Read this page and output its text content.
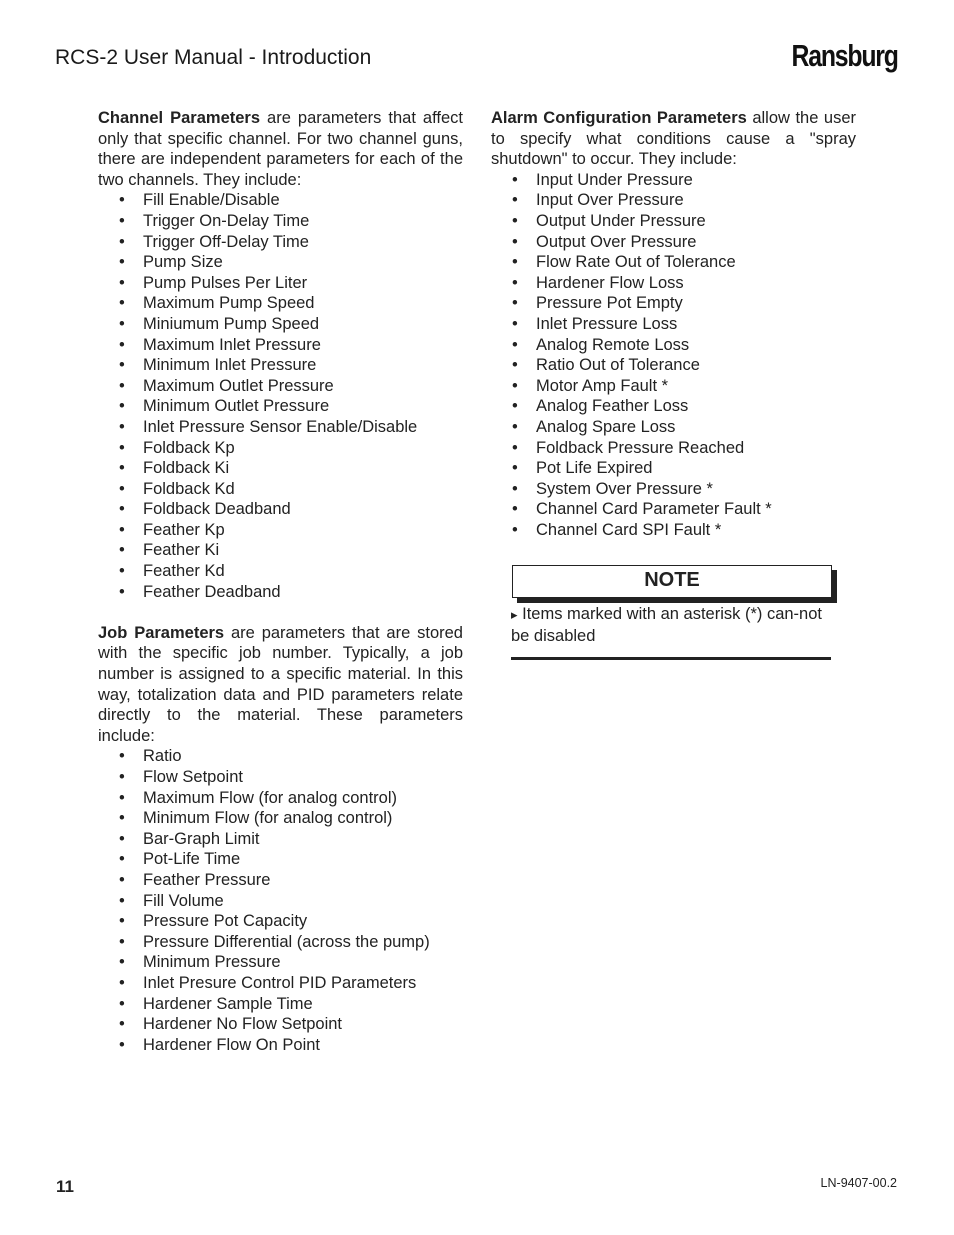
RCS-2 User Manual - Introduction	Ransburg

Channel Parameters are parameters that affect only that specific channel. For two channel guns, there are independent parameters for each of the two channels. They include:

• Fill Enable/Disable
• Trigger On-Delay Time
• Trigger Off-Delay Time
• Pump Size
• Pump Pulses Per Liter
• Maximum Pump Speed
• Miniumum Pump Speed
• Maximum Inlet Pressure
• Minimum Inlet Pressure
• Maximum Outlet Pressure
• Minimum Outlet Pressure
• Inlet Pressure Sensor Enable/Disable
• Foldback Kp
• Foldback Ki
• Foldback Kd
• Foldback Deadband
• Feather Kp
• Feather Ki
• Feather Kd
• Feather Deadband

Job Parameters are parameters that are stored with the specific job number. Typically, a job number is assigned to a specific material. In this way, totalization data and PID parameters relate directly to the material. These parameters include:

• Ratio
• Flow Setpoint
• Maximum Flow (for analog control)
• Minimum Flow (for analog control)
• Bar-Graph Limit
• Pot-Life Time
• Feather Pressure
• Fill Volume
• Pressure Pot Capacity
• Pressure Differential (across the pump)
• Minimum Pressure
• Inlet Presure Control PID Parameters
• Hardener Sample Time
• Hardener No Flow Setpoint
• Hardener Flow On Point

Alarm Configuration Parameters allow the user to specify what conditions cause a "spray shutdown" to occur. They include:

• Input Under Pressure
• Input Over Pressure
• Output Under Pressure
• Output Over Pressure
• Flow Rate Out of Tolerance
• Hardener Flow Loss
• Pressure Pot Empty
• Inlet Pressure Loss
• Analog Remote Loss
• Ratio Out of Tolerance
• Motor Amp Fault *
• Analog Feather Loss
• Analog Spare Loss
• Foldback Pressure Reached
• Pot Life Expired
• System Over Pressure *
• Channel Card Parameter Fault *
• Channel Card SPI Fault *
NOTE
▸ Items marked with an asterisk (*) can-not be disabled
11	LN-9407-00.2
